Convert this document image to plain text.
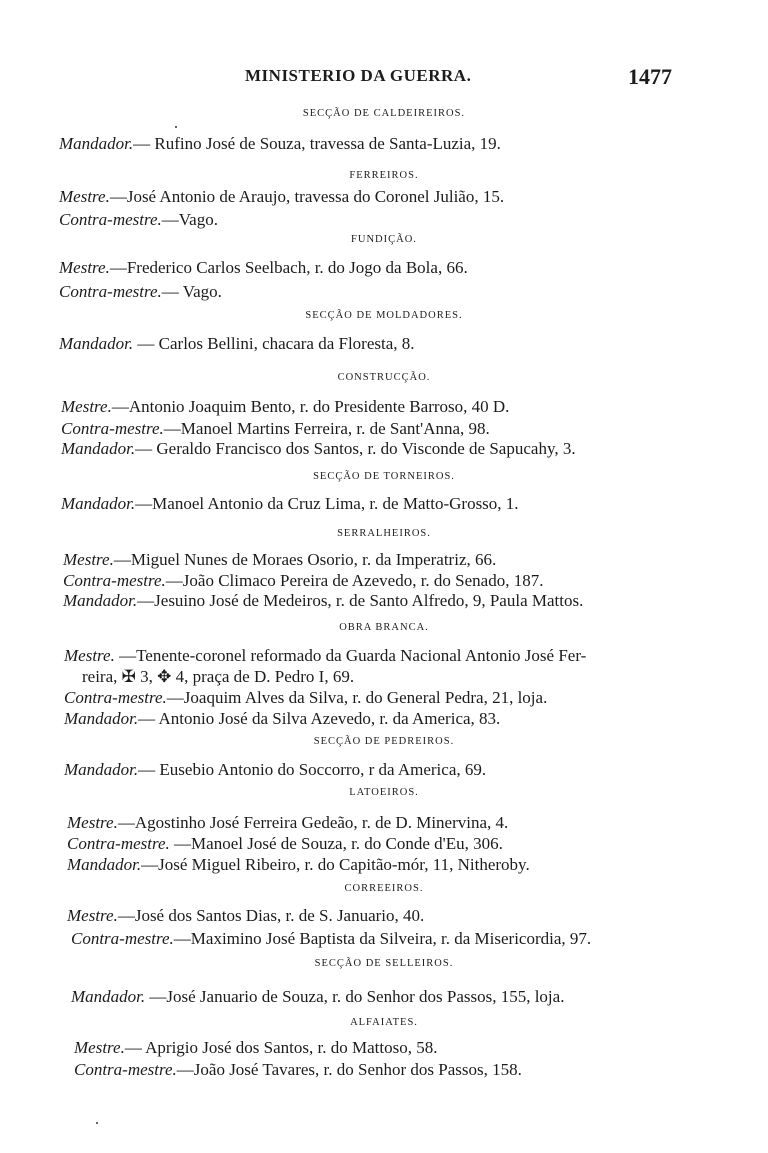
MINISTERIO DA GUERRA.	1477
SECÇÃO DE CALDEIREIROS.
Mandador.— Rufino José de Souza, travessa de Santa-Luzia, 19.
FERREIROS.
Mestre.—José Antonio de Araujo, travessa do Coronel Julião, 15.
Contra-mestre.—Vago.
FUNDIÇÃO.
Mestre.—Frederico Carlos Seelbach, r. do Jogo da Bola, 66.
Contra-mestre.— Vago.
SECÇÃO DE MOLDADORES.
Mandador. — Carlos Bellini, chacara da Floresta, 8.
CONSTRUCÇÃO.
Mestre.—Antonio Joaquim Bento, r. do Presidente Barroso, 40 D.
Contra-mestre.—Manoel Martins Ferreira, r. de Sant'Anna, 98.
Mandador.— Geraldo Francisco dos Santos, r. do Visconde de Sapucahy, 3.
SECÇÃO DE TORNEIROS.
Mandador.—Manoel Antonio da Cruz Lima, r. de Matto-Grosso, 1.
SERRALHEIROS.
Mestre.—Miguel Nunes de Moraes Osorio, r. da Imperatriz, 66.
Contra-mestre.—João Climaco Pereira de Azevedo, r. do Senado, 187.
Mandador.—Jesuino José de Medeiros, r. de Santo Alfredo, 9, Paula Mattos.
OBRA BRANCA.
Mestre. —Tenente-coronel reformado da Guarda Nacional Antonio José Fer-
reira, ✠ 3, ✥ 4, praça de D. Pedro I, 69.
Contra-mestre.—Joaquim Alves da Silva, r. do General Pedra, 21, loja.
Mandador.— Antonio José da Silva Azevedo, r. da America, 83.
SECÇÃO DE PEDREIROS.
Mandador.— Eusebio Antonio do Soccorro, r da America, 69.
LATOEIROS.
Mestre.—Agostinho José Ferreira Gedeão, r. de D. Minervina, 4.
Contra-mestre. —Manoel José de Souza, r. do Conde d'Eu, 306.
Mandador.—José Miguel Ribeiro, r. do Capitão-mór, 11, Nitheroby.
CORREEIROS.
Mestre.—José dos Santos Dias, r. de S. Januario, 40.
Contra-mestre.—Maximino José Baptista da Silveira, r. da Misericordia, 97.
SECÇÃO DE SELLEIROS.
Mandador. —José Januario de Souza, r. do Senhor dos Passos, 155, loja.
ALFAIATES.
Mestre.— Aprigio José dos Santos, r. do Mattoso, 58.
Contra-mestre.—João José Tavares, r. do Senhor dos Passos, 158.
